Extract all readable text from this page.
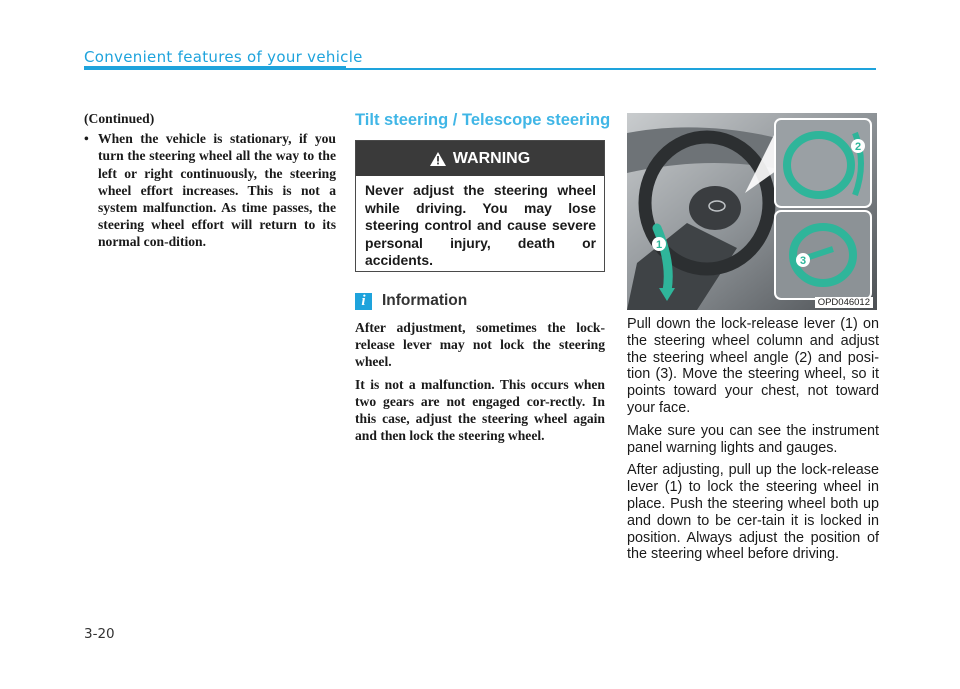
Convenient features of your vehicle

(Continued)

• When the vehicle is stationary, if you turn the steering wheel all the way to the left or right continuously, the steering wheel effort increases. This is not a system malfunction. As time passes, the steering wheel effort will return to its normal con-dition.
Tilt steering / Telescope steering
WARNING
Never adjust the steering wheel while driving. You may lose steering control and cause severe personal injury, death or accidents.
i	Information

After adjustment, sometimes the lock-release lever may not lock the steering wheel.

It is not a malfunction. This occurs when two gears are not engaged cor-rectly. In this case, adjust the steering wheel again and then lock the steering wheel.

1
2
3
OPD046012

Pull down the lock-release lever (1) on the steering wheel column and adjust the steering wheel angle (2) and posi-tion (3). Move the steering wheel, so it points toward your chest, not toward your face.

Make sure you can see the instrument panel warning lights and gauges.

After adjusting, pull up the lock-release lever (1) to lock the steering wheel in place. Push the steering wheel both up and down to be cer-tain it is locked in position. Always adjust the position of the steering wheel before driving.

3-20
